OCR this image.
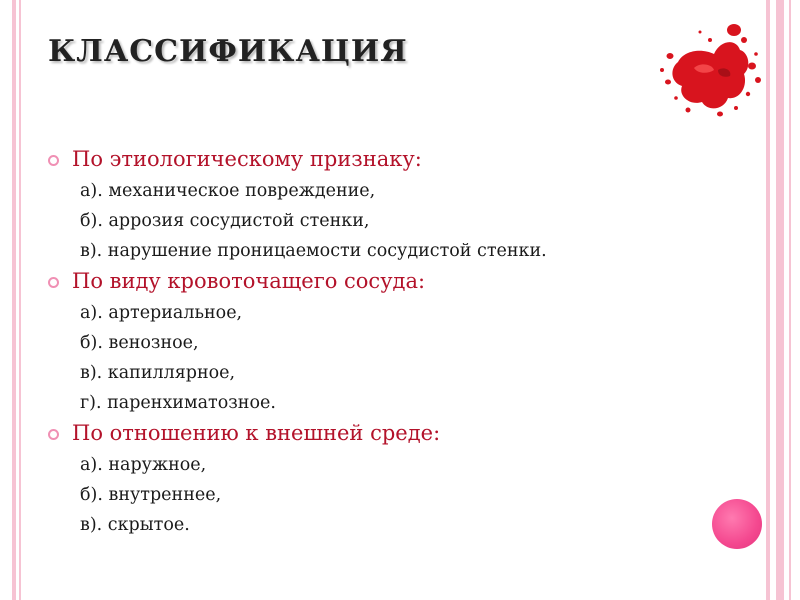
КЛАССИФИКАЦИЯ
По этиологическому признаку:
а). механическое повреждение,
б). аррозия сосудистой стенки,
в). нарушение проницаемости сосудистой стенки.
По виду кровоточащего сосуда:
а). артериальное,
б). венозное,
в). капиллярное,
г). паренхиматозное.
По отношению к внешней среде:
а). наружное,
б). внутреннее,
в). скрытое.
